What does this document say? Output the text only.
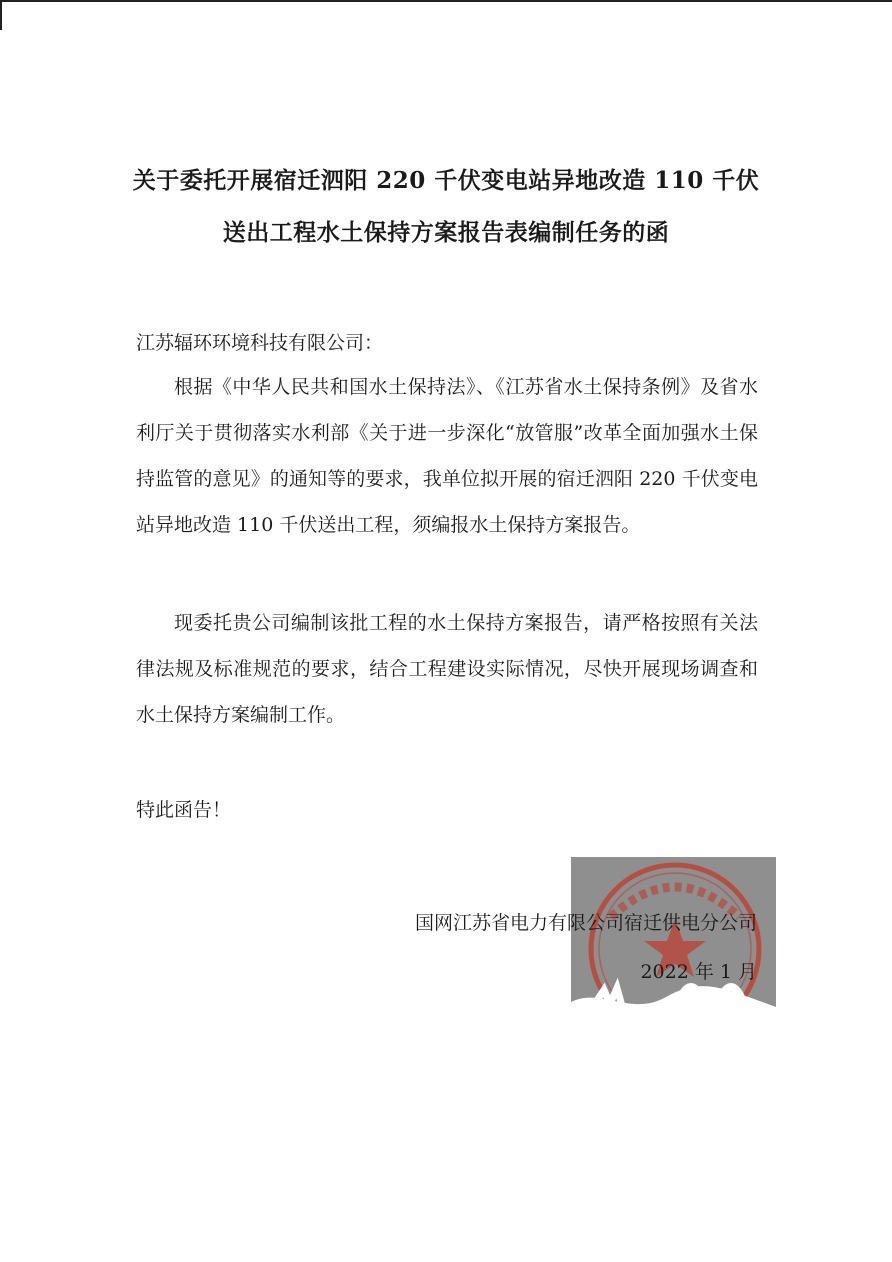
关于委托开展宿迁泗阳 220 千伏变电站异地改造 110 千伏
送出工程水土保持方案报告表编制任务的函
江苏辐环环境科技有限公司：
根据《中华人民共和国水土保持法》、《江苏省水土保持条例》及省水利厅关于贯彻落实水利部《关于进一步深化“放管服”改革全面加强水土保持监管的意见》的通知等的要求，我单位拟开展的宿迁泗阳 220 千伏变电站异地改造 110 千伏送出工程，须编报水土保持方案报告。
现委托贵公司编制该批工程的水土保持方案报告，请严格按照有关法律法规及标准规范的要求，结合工程建设实际情况，尽快开展现场调查和水土保持方案编制工作。
特此函告！
国网江苏省电力有限公司宿迁供电分公司
2022 年 1 月
